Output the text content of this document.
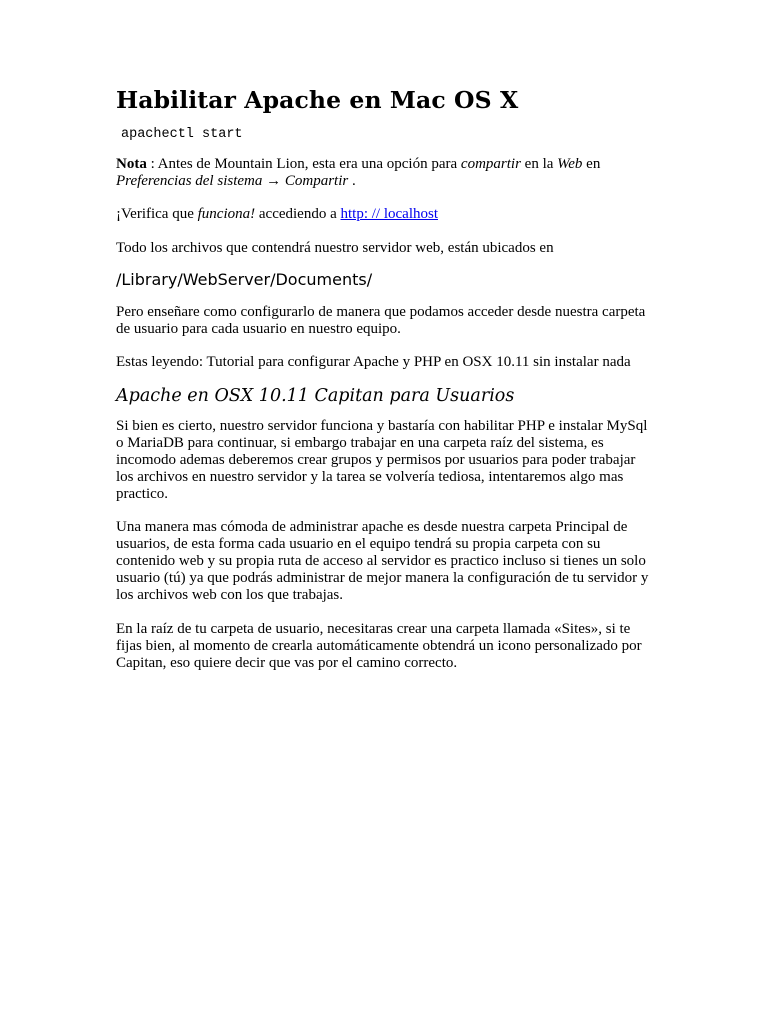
Habilitar Apache en Mac OS X
apachectl start

Nota : Antes de Mountain Lion, esta era una opción para compartir en la Web en Preferencias del sistema → Compartir .

¡Verifica que funciona! accediendo a http: // localhost

Todo los archivos que contendrá nuestro servidor web, están ubicados en

/Library/WebServer/Documents/

Pero enseñare como configurarlo de manera que podamos acceder desde nuestra carpeta de usuario para cada usuario en nuestro equipo.

Estas leyendo: Tutorial para configurar Apache y PHP en OSX 10.11 sin instalar nada

Apache en OSX 10.11 Capitan para Usuarios

Si bien es cierto, nuestro servidor funciona y bastaría con habilitar PHP e instalar MySql o MariaDB para continuar, si embargo trabajar en una carpeta raíz del sistema, es incomodo ademas deberemos crear grupos y permisos por usuarios para poder trabajar los archivos en nuestro servidor y la tarea se volvería tediosa, intentaremos algo mas practico.

Una manera mas cómoda de administrar apache es desde nuestra carpeta Principal de usuarios, de esta forma cada usuario en el equipo tendrá su propia carpeta con su contenido web y su propia ruta de acceso al servidor es practico incluso si tienes un solo usuario (tú) ya que podrás administrar de mejor manera la configuración de tu servidor y los archivos web con los que trabajas.

En la raíz de tu carpeta de usuario, necesitaras crear una carpeta llamada «Sites», si te fijas bien, al momento de crearla automáticamente obtendrá un icono personalizado por Capitan, eso quiere decir que vas por el camino correcto.
